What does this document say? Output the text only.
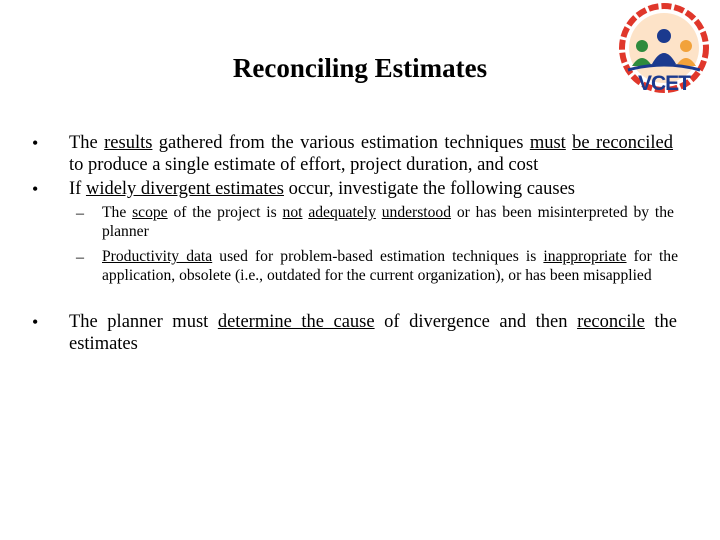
Reconciling Estimates
VCET
• The results gathered from the various estimation techniques must be reconciled to produce a single estimate of effort, project duration, and cost
• If widely divergent estimates occur, investigate the following causes
– The scope of the project is not adequately understood or has been misinterpreted by the planner
– Productivity data used for problem-based estimation techniques is inappropriate for the application, obsolete (i.e., outdated for the current organization), or has been misapplied
• The planner must determine the cause of divergence and then reconcile the estimates
